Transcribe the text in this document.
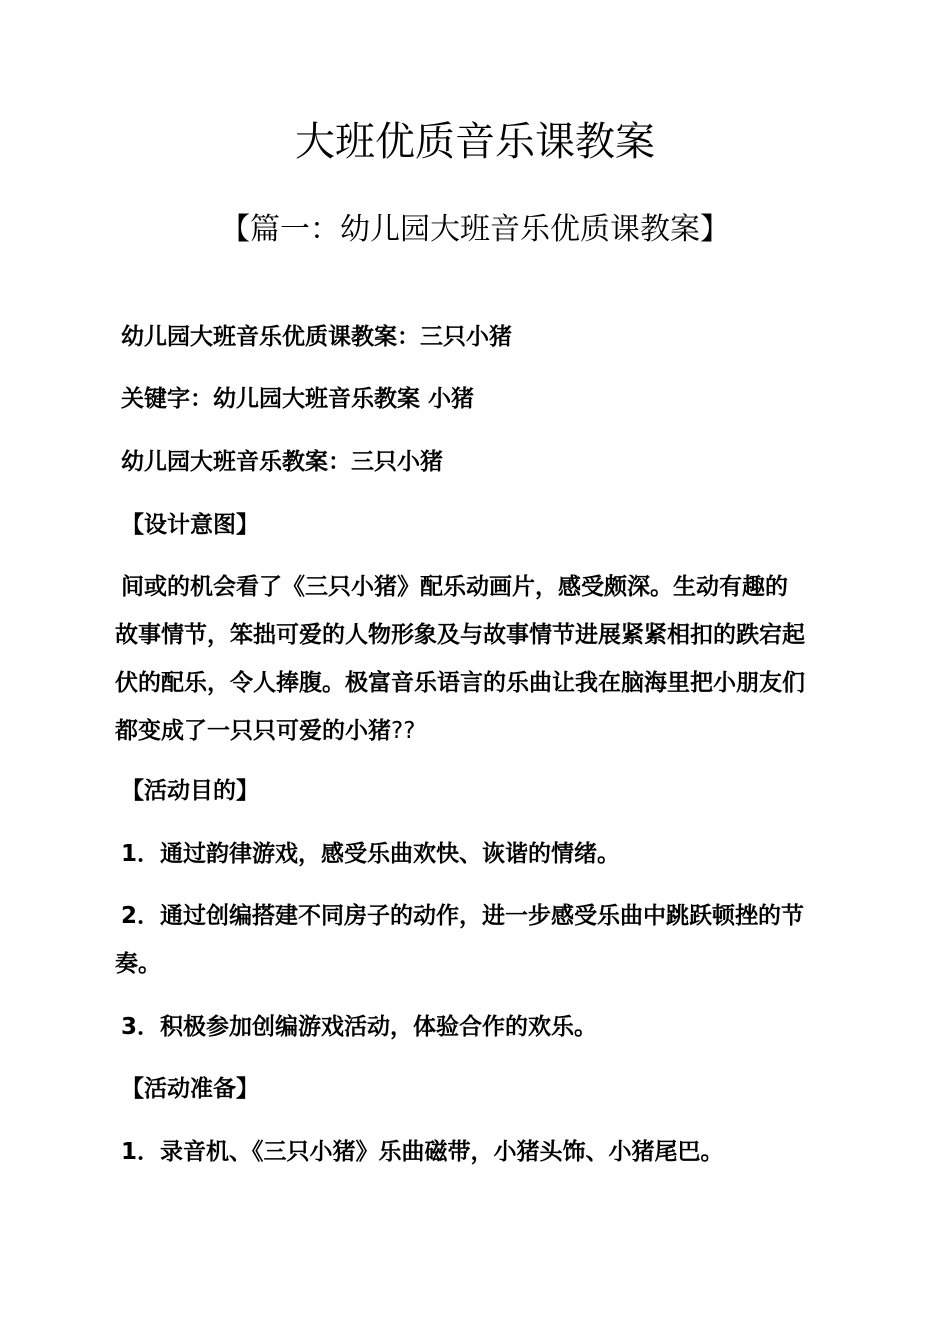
大班优质音乐课教案
【篇一：幼儿园大班音乐优质课教案】

幼儿园大班音乐优质课教案：三只小猪

关键字：幼儿园大班音乐教案 小猪

幼儿园大班音乐教案：三只小猪

【设计意图】

间或的机会看了《三只小猪》配乐动画片，感受颇深。生动有趣的
故事情节，笨拙可爱的人物形象及与故事情节进展紧紧相扣的跌宕起
伏的配乐，令人捧腹。极富音乐语言的乐曲让我在脑海里把小朋友们
都变成了一只只可爱的小猪??

【活动目的】

1．通过韵律游戏，感受乐曲欢快、诙谐的情绪。

2．通过创编搭建不同房子的动作，进一步感受乐曲中跳跃顿挫的节
奏。

3．积极参加创编游戏活动，体验合作的欢乐。

【活动准备】

1．录音机、《三只小猪》乐曲磁带，小猪头饰、小猪尾巴。
